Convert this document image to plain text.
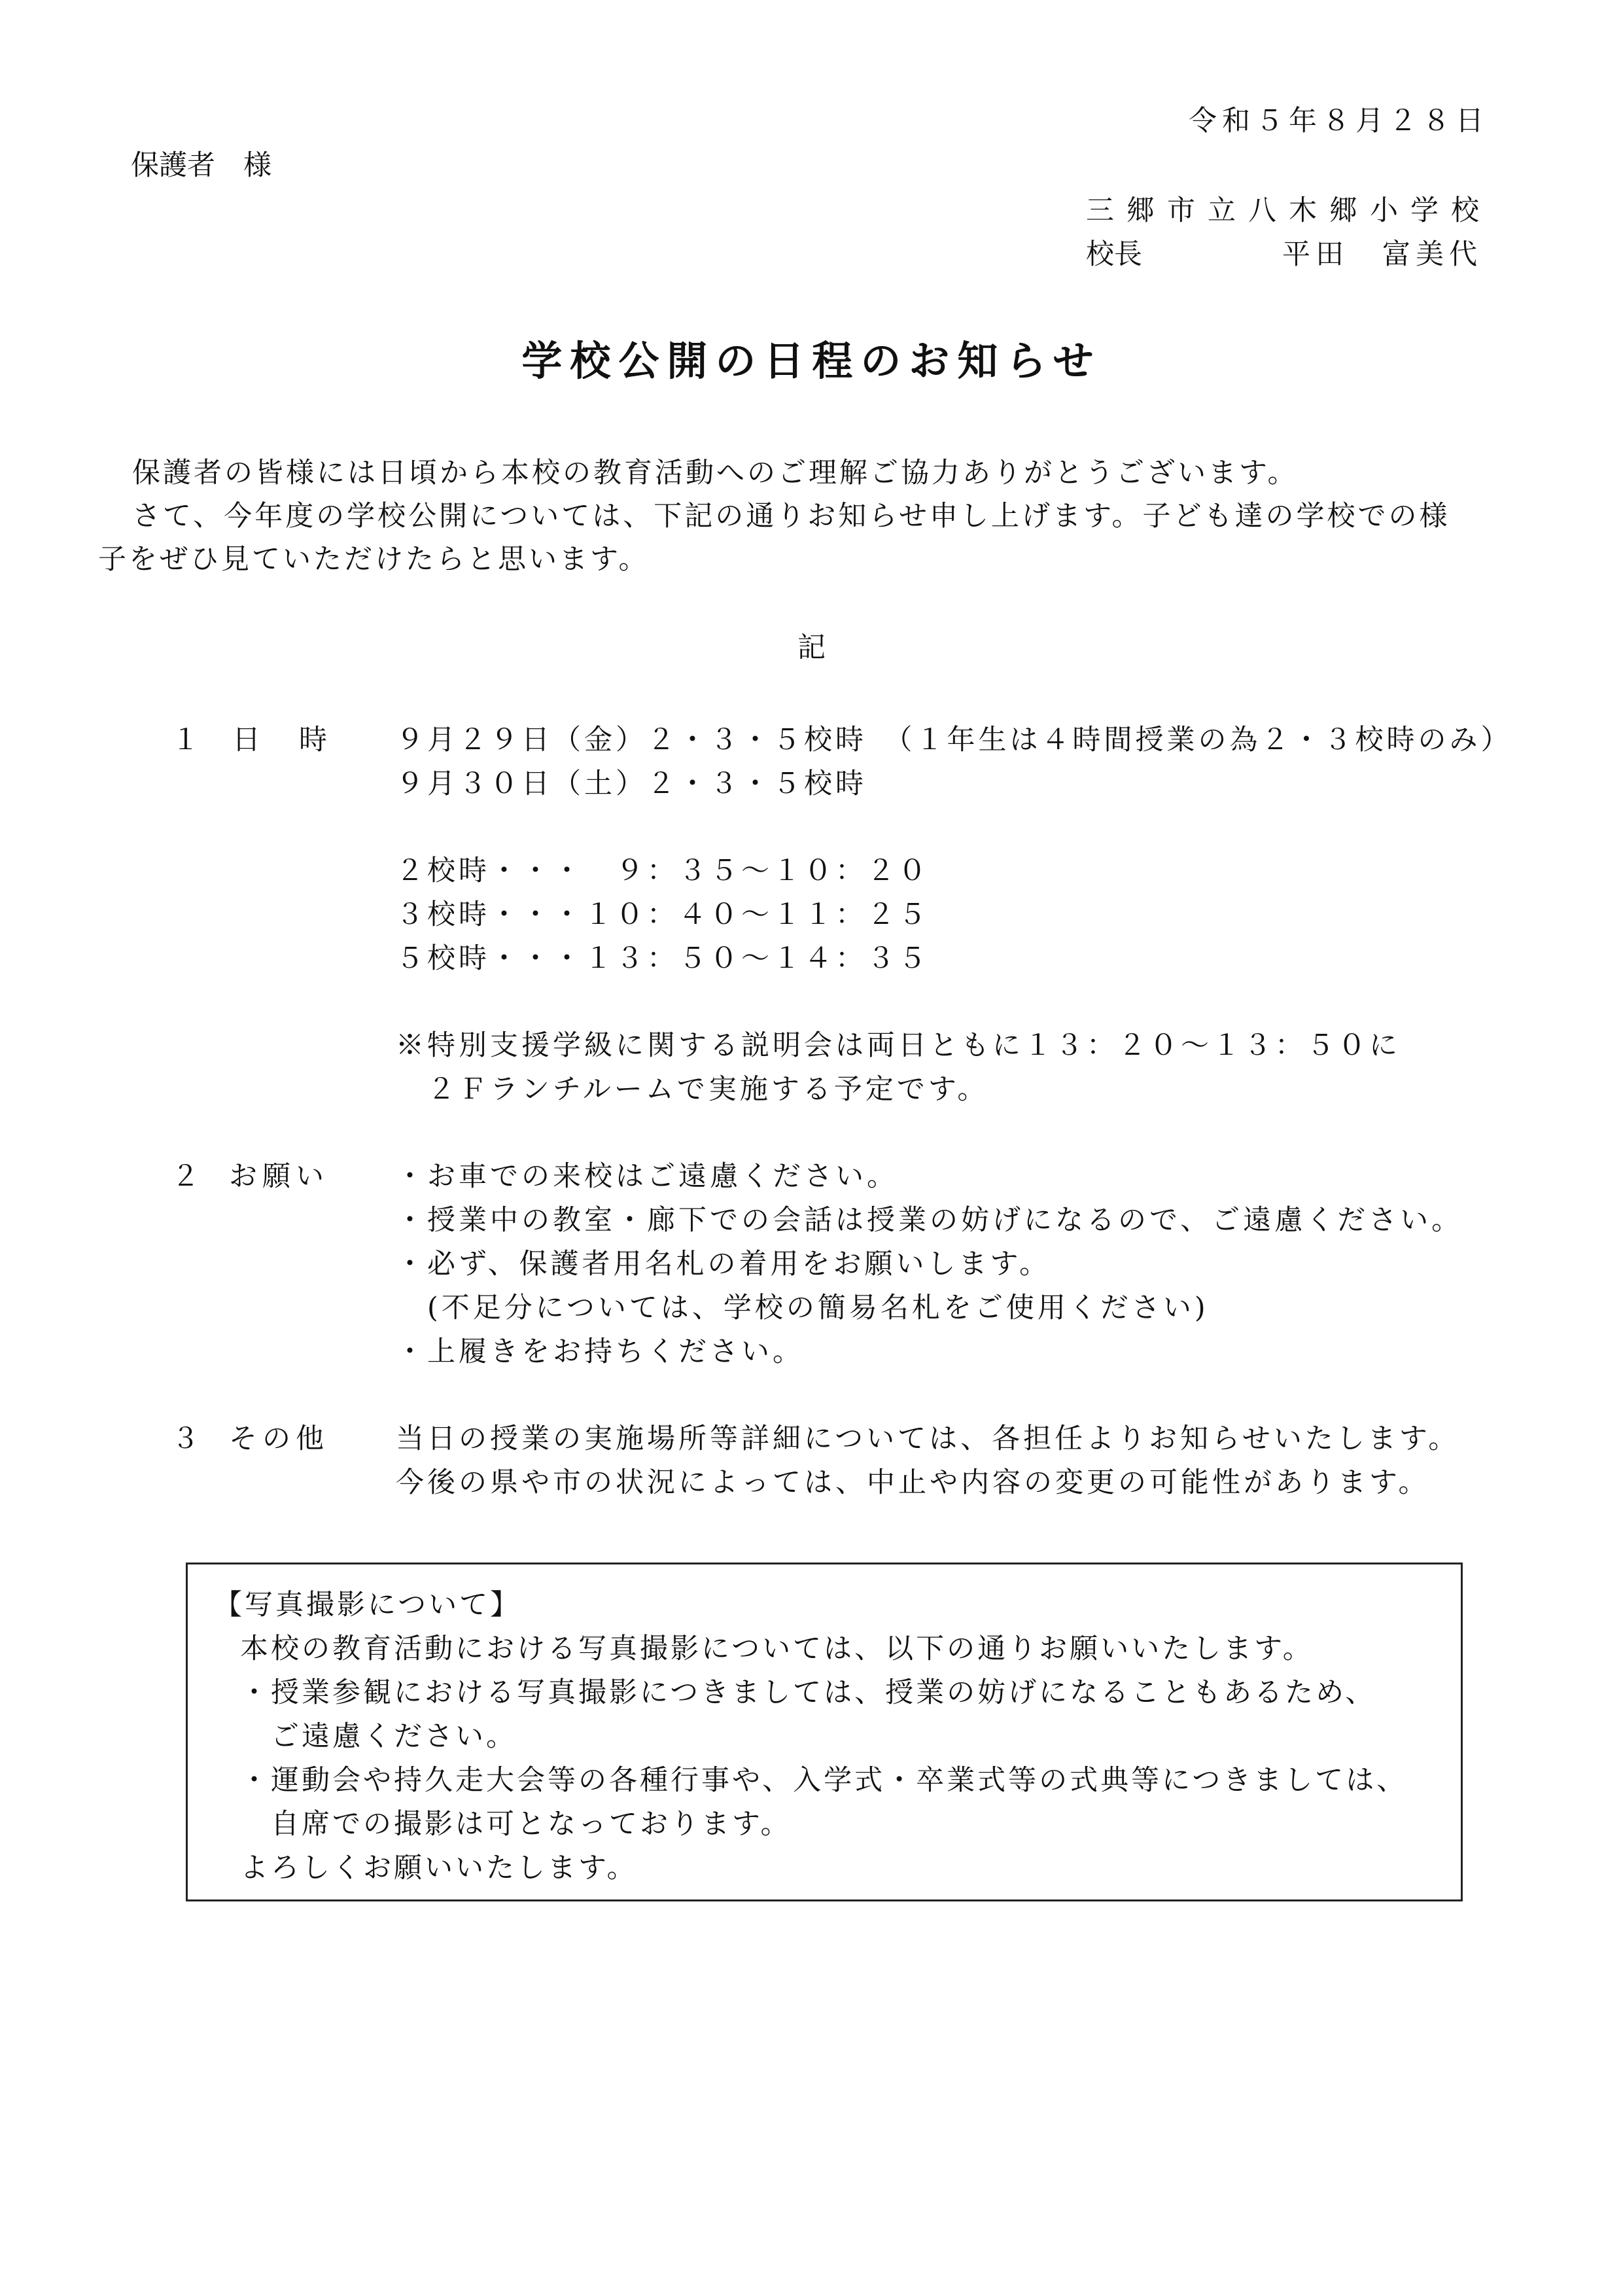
令和５年８月２８日
保護者　様
三郷市立八木郷小学校
校長	平田　富美代
学校公開の日程のお知らせ

保護者の皆様には日頃から本校の教育活動へのご理解ご協力ありがとうございます。

さて、今年度の学校公開については、下記の通りお知らせ申し上げます。子ども達の学校での様

子をぜひ見ていただけたらと思います。

記
１ 日　時 ９月２９日（金）２・３・５校時　（１年生は４時間授業の為２・３校時のみ）
９月３０日（土）２・３・５校時
２校時・・・　９：３５～１０：２０
３校時・・・１０：４０～１１：２５
５校時・・・１３：５０～１４：３５
※特別支援学級に関する説明会は両日ともに１３：２０～１３：５０に
　２Ｆランチルームで実施する予定です。
２ お願い ・お車での来校はご遠慮ください。
・授業中の教室・廊下での会話は授業の妨げになるので、ご遠慮ください。
・必ず、保護者用名札の着用をお願いします。
　(不足分については、学校の簡易名札をご使用ください)
・上履きをお持ちください。
３ その他 当日の授業の実施場所等詳細については、各担任よりお知らせいたします。
今後の県や市の状況によっては、中止や内容の変更の可能性があります。
【写真撮影について】
本校の教育活動における写真撮影については、以下の通りお願いいたします。
・授業参観における写真撮影につきましては、授業の妨げになることもあるため、
　ご遠慮ください。
・運動会や持久走大会等の各種行事や、入学式・卒業式等の式典等につきましては、
　自席での撮影は可となっております。
よろしくお願いいたします。
